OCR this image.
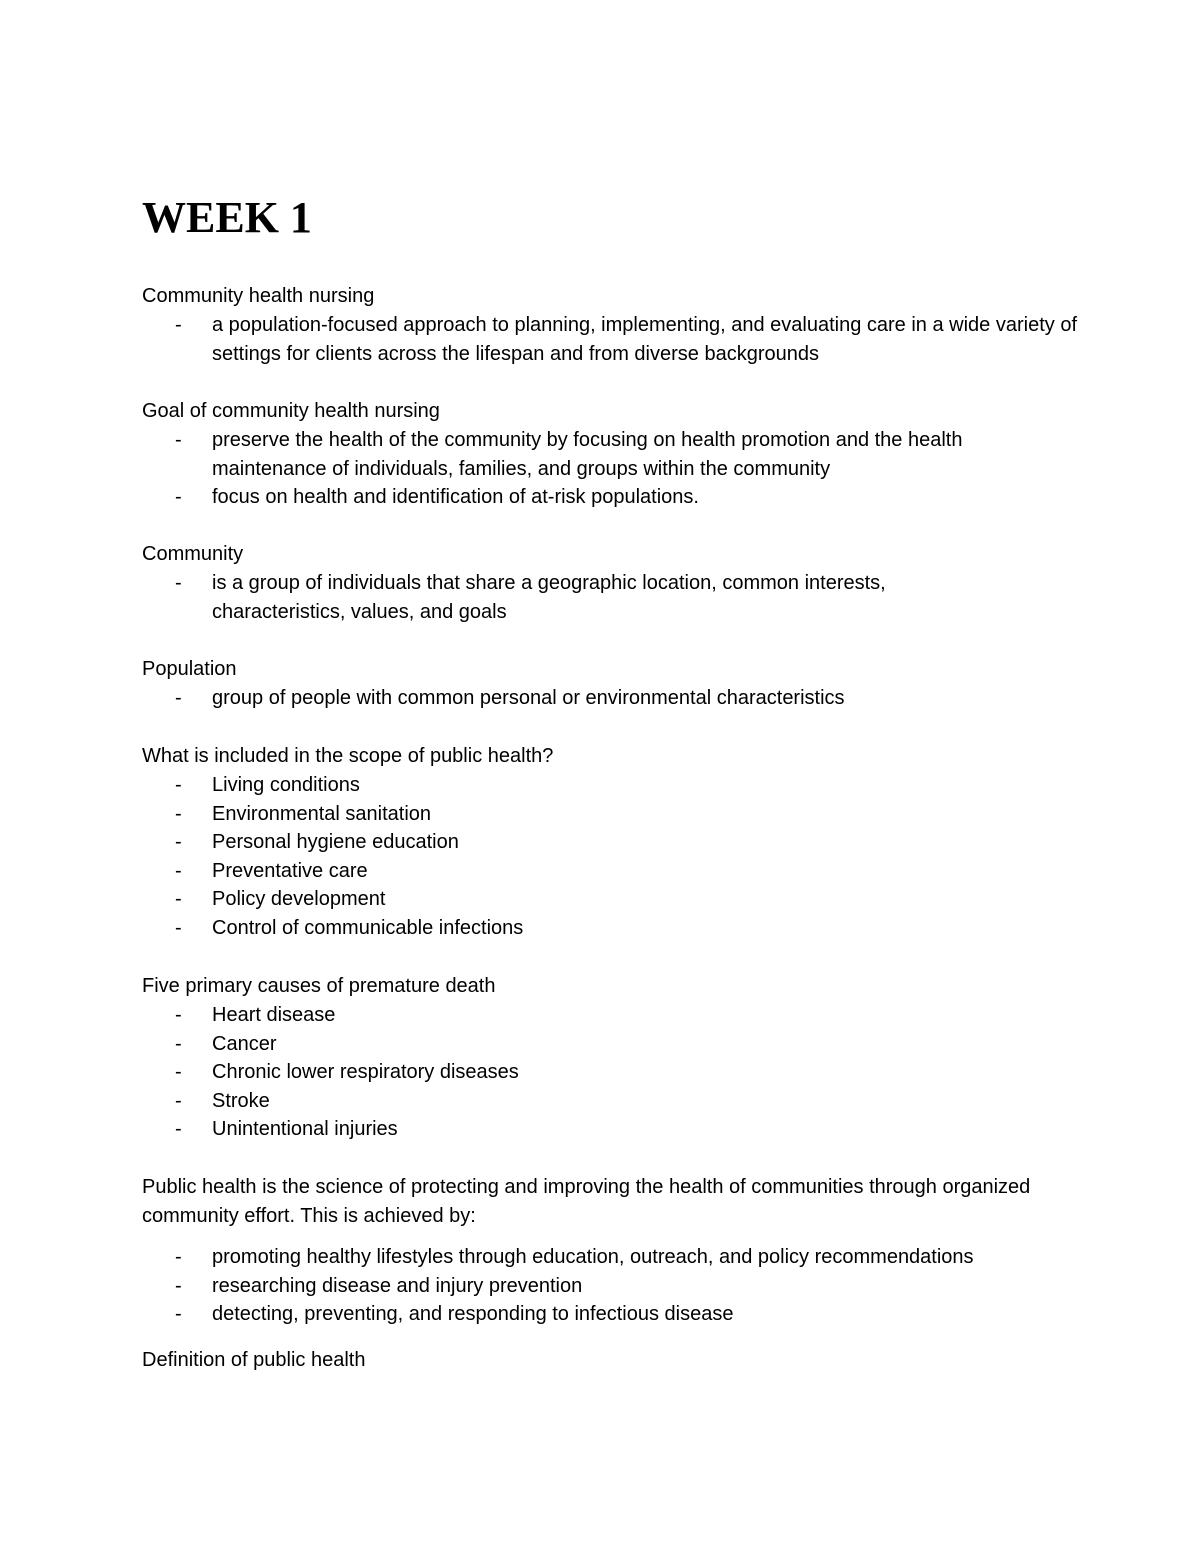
WEEK 1

Community health nursing

- a population-focused approach to planning, implementing, and evaluating care in a wide variety of settings for clients across the lifespan and from diverse backgrounds

Goal of community health nursing

- preserve the health of the community by focusing on health promotion and the health maintenance of individuals, families, and groups within the community
- focus on health and identification of at-risk populations.

Community

- is a group of individuals that share a geographic location, common interests, characteristics, values, and goals

Population

- group of people with common personal or environmental characteristics

What is included in the scope of public health?

- Living conditions
- Environmental sanitation
- Personal hygiene education
- Preventative care
- Policy development
- Control of communicable infections

Five primary causes of premature death

- Heart disease
- Cancer
- Chronic lower respiratory diseases
- Stroke
- Unintentional injuries

Public health is the science of protecting and improving the health of communities through organized community effort. This is achieved by:

- promoting healthy lifestyles through education, outreach, and policy recommendations
- researching disease and injury prevention
- detecting, preventing, and responding to infectious disease

Definition of public health
